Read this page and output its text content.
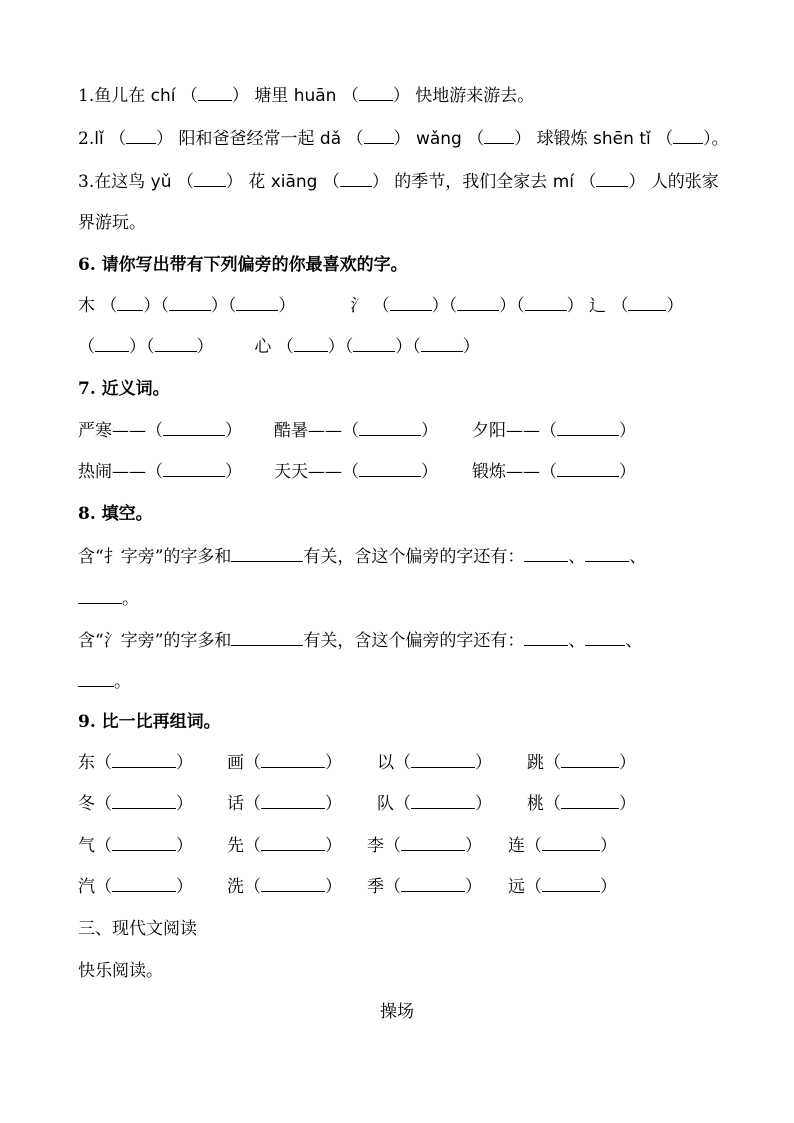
1.鱼儿在 chí （ ） 塘里 huān （ ） 快地游来游去。
2.lǐ （ ） 阳和爸爸经常一起 dǎ （ ） wǎng （ ） 球锻炼 shēn tǐ （ ）。
3.在这鸟 yǔ （ ） 花 xiāng （ ） 的季节，我们全家去 mí （ ） 人的张家
界游玩。
6. 请你写出带有下列偏旁的你最喜欢的字。
木 （ ）（ ）（ ）	氵 （ ）（ ）（ ） 辶 （ ）
（ ）（ ） 心 （ ）（ ）（ ）
7. 近义词。
严寒——（	） 酷暑——（	） 夕阳——（	）
热闹——（	） 天天——（	） 锻炼——（	）
8. 填空。
含“扌字旁”的字多和	有关，含这个偏旁的字还有：	、	、
。
含“氵字旁”的字多和	有关，含这个偏旁的字还有：	、 、
。
9. 比一比再组词。
东（	） 画（	） 以（	） 跳（	）
冬（	） 话（	） 队（	） 桃（	）
气（	） 先（	） 李（	） 连（	）
汽（	） 洗（	） 季（	） 远（	）
三、现代文阅读
快乐阅读。
操场
